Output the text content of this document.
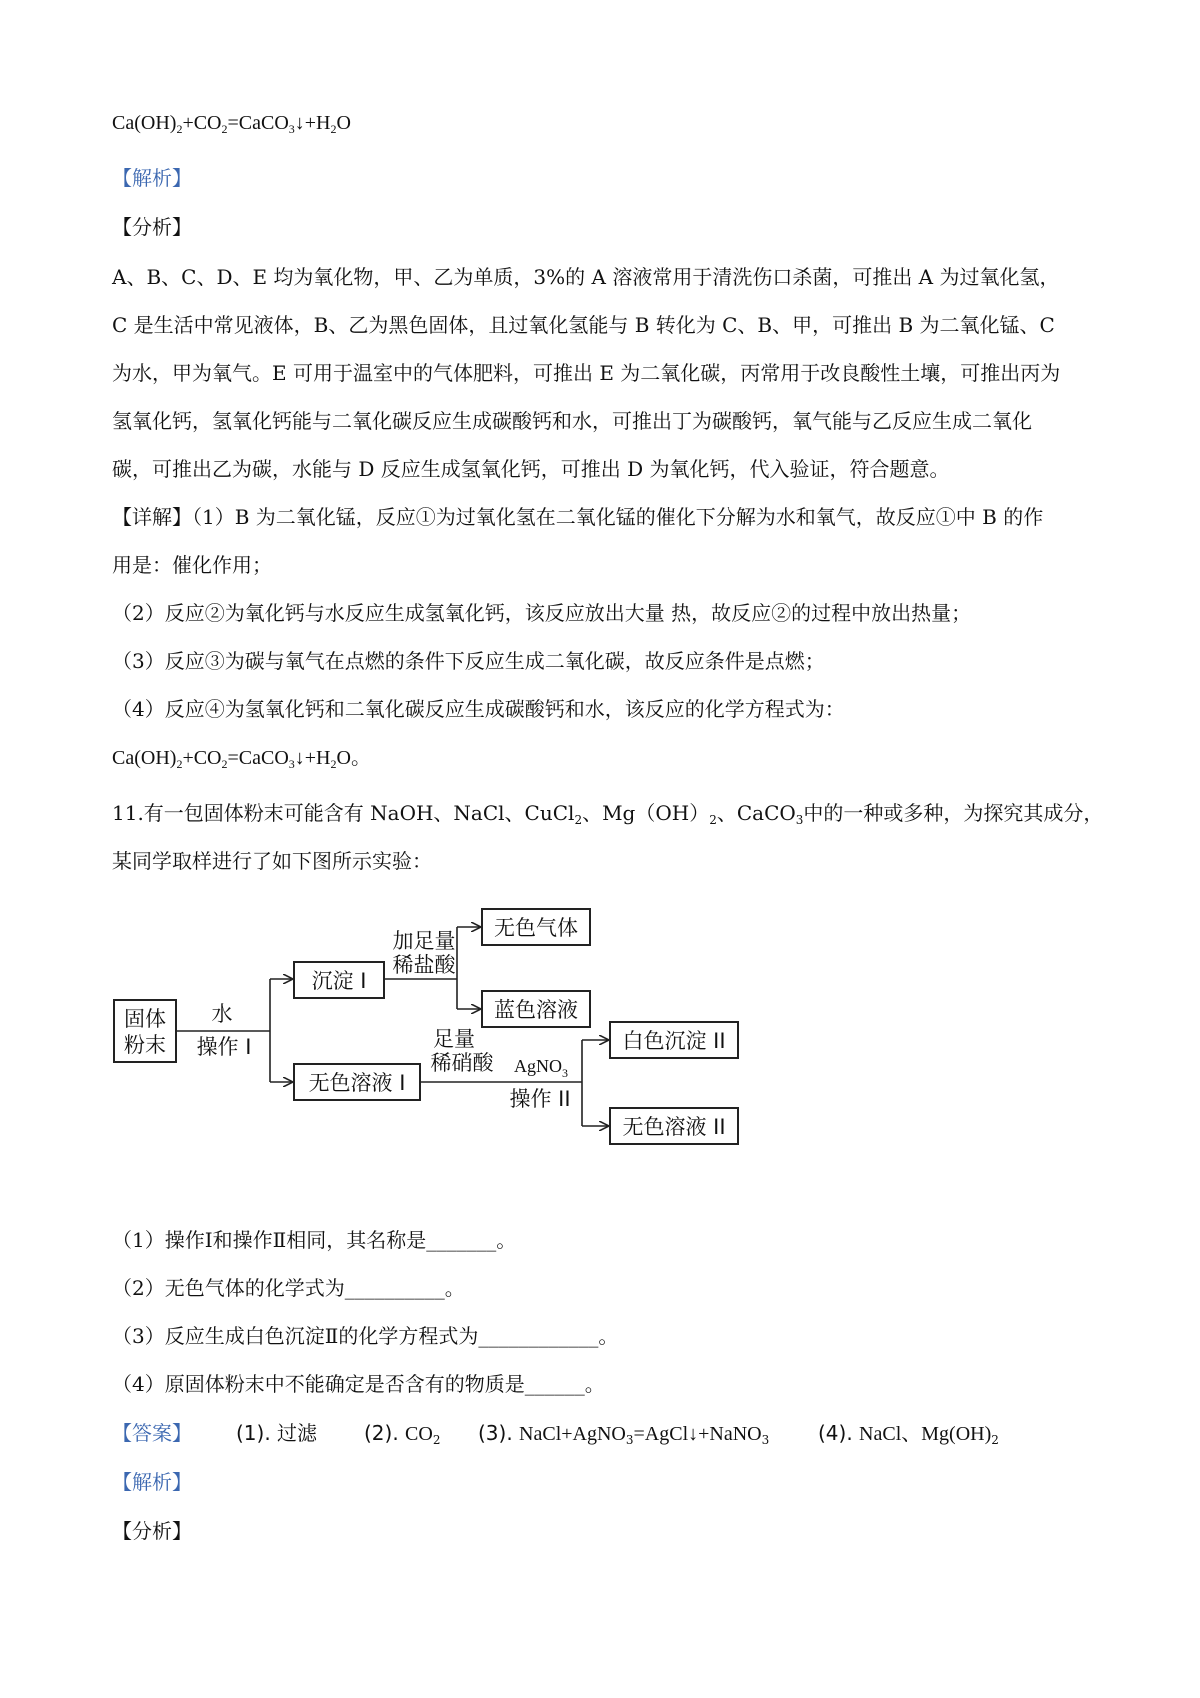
$Ca(OH)_2+CO_2=CaCO_3↓+H_2O$
【解析】
【分析】
A、B、C、D、E 均为氧化物，甲、乙为单质，3%的 A 溶液常用于清洗伤口杀菌，可推出 A 为过氧化氢，
C 是生活中常见液体，B、乙为黑色固体，且过氧化氢能与 B 转化为 C、B、甲，可推出 B 为二氧化锰、C
为水，甲为氧气。E 可用于温室中的气体肥料，可推出 E 为二氧化碳，丙常用于改良酸性土壤，可推出丙为
氢氧化钙，氢氧化钙能与二氧化碳反应生成碳酸钙和水，可推出丁为碳酸钙，氧气能与乙反应生成二氧化
碳，可推出乙为碳，水能与 D 反应生成氢氧化钙，可推出 D 为氧化钙，代入验证，符合题意。
【详解】（1）B 为二氧化锰，反应①为过氧化氢在二氧化锰的催化下分解为水和氧气，故反应①中 B 的作
用是：催化作用；
（2）反应②为氧化钙与水反应生成氢氧化钙，该反应放出大量 热，故反应②的过程中放出热量；
（3）反应③为碳与氧气在点燃的条件下反应生成二氧化碳，故反应条件是点燃；
（4）反应④为氢氧化钙和二氧化碳反应生成碳酸钙和水，该反应的化学方程式为：
$Ca(OH)_2+CO_2=CaCO_3↓+H_2O$。
11.有一包固体粉末可能含有 NaOH、NaCl、CuCl$_2$、$Mg(OH)_2$、CaCO$_3$中的一种或多种，为探究其成分，
某同学取样进行了如下图所示实验：
固体
粉末
水
操作 I
沉淀 I
无色溶液 I
加足量
稀盐酸
无色气体
蓝色溶液
足量
稀硝酸 AgNO$_3$
操作 II
白色沉淀 II
无色溶液 II
（1）操作Ⅰ和操作Ⅱ相同，其名称是_______。
（2）无色气体的化学式为__________。
（3）反应生成白色沉淀Ⅱ的化学方程式为____________。
（4）原固体粉末中不能确定是否含有的物质是______。
【答案】 (1). 过滤 (2). $CO_2$ (3). NaCl+AgNO$_3$=AgCl↓+NaNO$_3$ (4). NaCl、$Mg(OH)_2$
【解析】
【分析】
